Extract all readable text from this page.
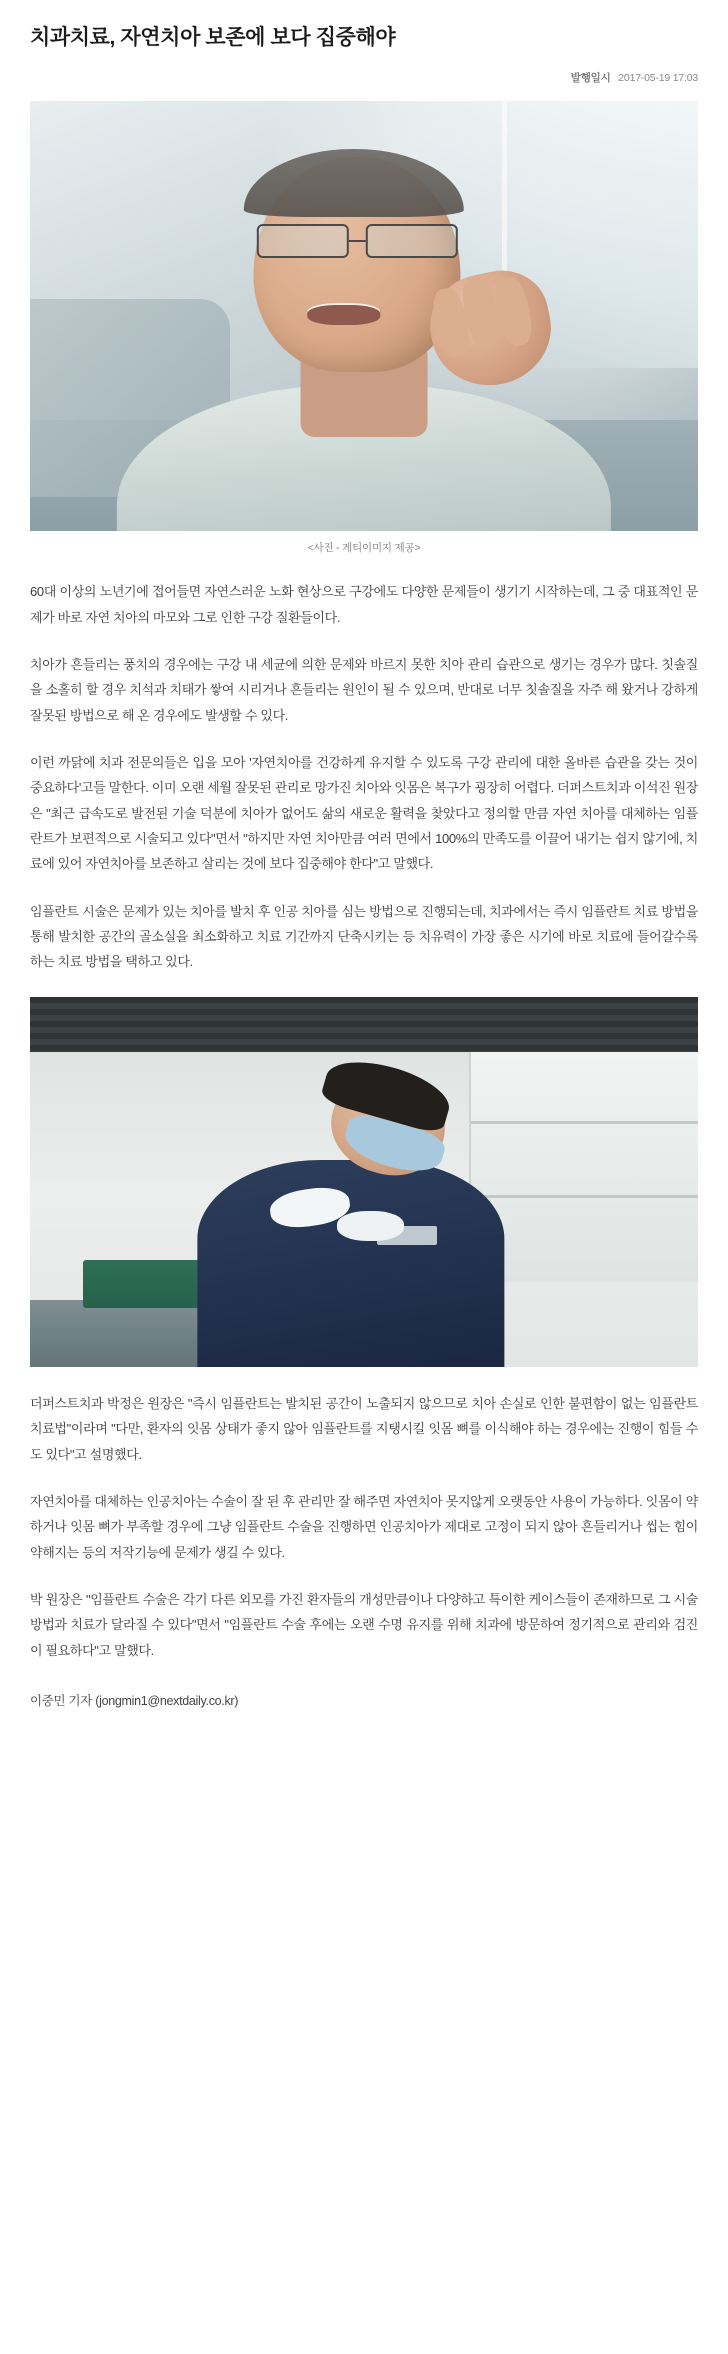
치과치료, 자연치아 보존에 보다 집중해야
발행일시 2017-05-19 17:03
<사진 - 게티이미지 제공>

60대 이상의 노년기에 접어들면 자연스러운 노화 현상으로 구강에도 다양한 문제들이 생기기 시작하는데, 그 중 대표적인 문제가 바로 자연 치아의 마모와 그로 인한 구강 질환들이다.

치아가 흔들리는 풍치의 경우에는 구강 내 세균에 의한 문제와 바르지 못한 치아 관리 습관으로 생기는 경우가 많다. 칫솔질을 소홀히 할 경우 치석과 치태가 쌓여 시리거나 흔들리는 원인이 될 수 있으며, 반대로 너무 칫솔질을 자주 해 왔거나 강하게 잘못된 방법으로 해 온 경우에도 발생할 수 있다.

이런 까닭에 치과 전문의들은 입을 모아 '자연치아를 건강하게 유지할 수 있도록 구강 관리에 대한 올바른 습관을 갖는 것이 중요하다'고들 말한다. 이미 오랜 세월 잘못된 관리로 망가진 치아와 잇몸은 복구가 굉장히 어렵다. 더퍼스트치과 이석진 원장은 "최근 급속도로 발전된 기술 덕분에 치아가 없어도 삶의 새로운 활력을 찾았다고 정의할 만큼 자연 치아를 대체하는 임플란트가 보편적으로 시술되고 있다"면서 "하지만 자연 치아만큼 여러 면에서 100%의 만족도를 이끌어 내기는 쉽지 않기에, 치료에 있어 자연치아를 보존하고 살리는 것에 보다 집중해야 한다"고 말했다.

임플란트 시술은 문제가 있는 치아를 발치 후 인공 치아를 심는 방법으로 진행되는데, 치과에서는 즉시 임플란트 치료 방법을 통해 발치한 공간의 골소실을 최소화하고 치료 기간까지 단축시키는 등 치유력이 가장 좋은 시기에 바로 치료에 들어갈수록 하는 치료 방법을 택하고 있다.

더퍼스트치과 박정은 원장은 "즉시 임플란트는 발치된 공간이 노출되지 않으므로 치아 손실로 인한 불편함이 없는 임플란트 치료법"이라며 "다만, 환자의 잇몸 상태가 좋지 않아 임플란트를 지탱시킬 잇몸 뼈를 이식해야 하는 경우에는 진행이 힘들 수도 있다"고 설명했다.

자연치아를 대체하는 인공치아는 수술이 잘 된 후 관리만 잘 해주면 자연치아 못지않게 오랫동안 사용이 가능하다. 잇몸이 약하거나 잇몸 뼈가 부족할 경우에 그냥 임플란트 수술을 진행하면 인공치아가 제대로 고정이 되지 않아 흔들리거나 씹는 힘이 약해지는 등의 저작기능에 문제가 생길 수 있다.

박 원장은 "임플란트 수술은 각기 다른 외모를 가진 환자들의 개성만큼이나 다양하고 특이한 케이스들이 존재하므로 그 시술 방법과 치료가 달라질 수 있다"면서 "임플란트 수술 후에는 오랜 수명 유지를 위해 치과에 방문하여 정기적으로 관리와 검진이 필요하다"고 말했다.

이중민 기자 (jongmin1@nextdaily.co.kr)
